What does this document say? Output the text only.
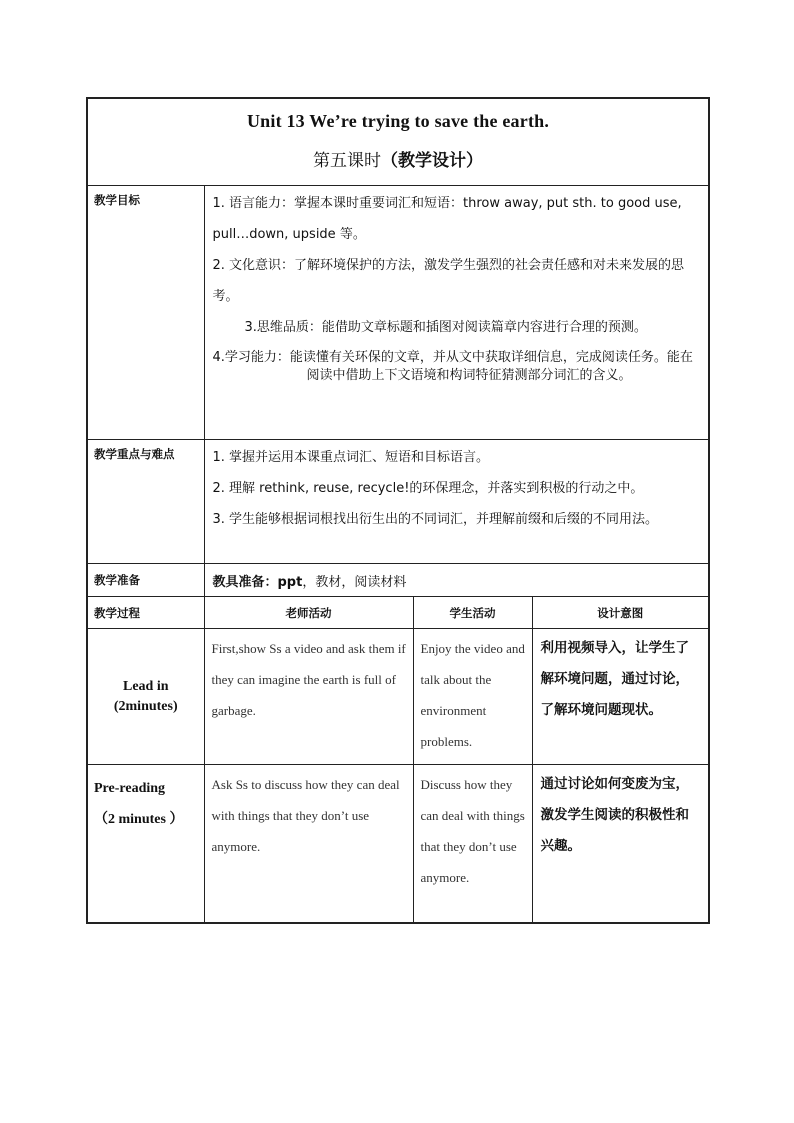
Unit 13 We’re trying to save the earth.
第五课时（教学设计）			

教学目标	1. 语言能力：掌握本课时重要词汇和短语：throw away, put sth. to good use, pull…down, upside 等。
2. 文化意识：了解环境保护的方法，激发学生强烈的社会责任感和对未来发展的思考。
3.思维品质：能借助文章标题和插图对阅读篇章内容进行合理的预测。
4.学习能力：能读懂有关环保的文章，并从文中获取详细信息，完成阅读任务。能在阅读中借助上下文语境和构词特征猜测部分词汇的含义。		

教学重点与难点	1. 掌握并运用本课重点词汇、短语和目标语言。
2. 理解 rethink, reuse, recycle!的环保理念，并落实到积极的行动之中。
3. 学生能够根据词根找出衍生出的不同词汇，并理解前缀和后缀的不同用法。		

教学准备	教具准备：ppt，教材，阅读材料		
教学过程	老师活动	学生活动	设计意图
Lead in
(2minutes)	First,show Ss a video and ask them if they can imagine the earth is full of garbage.	Enjoy the video and talk about the environment problems.	利用视频导入，让学生了解环境问题，通过讨论，了解环境问题现状。
Pre-reading
（2 minutes ）	Ask Ss to discuss how they can deal with things that they don’t use anymore.	Discuss how they can deal with things that they don’t use anymore.	通过讨论如何变废为宝，激发学生阅读的积极性和兴趣。
